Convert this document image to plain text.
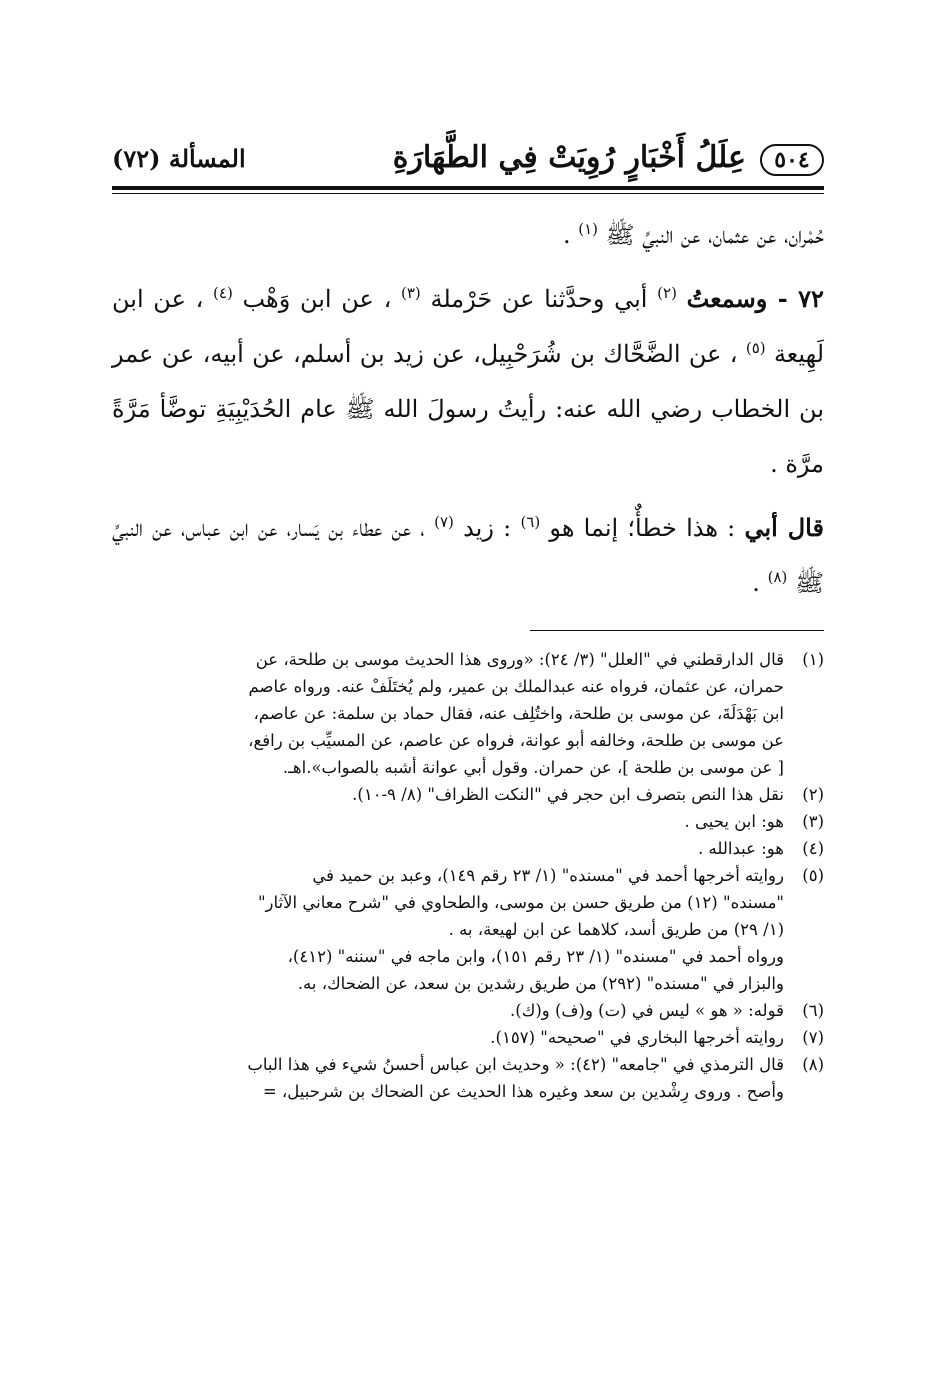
٥٠٤
عِلَلُ أَخْبَارٍ رُوِيَتْ فِي الطَّهَارَةِ
المسألة (٧٢)

حُمْران، عن عثمان، عن النبيِّ ﷺ $^{(١)}$ .

٧٢ - وسمعتُ $^{(٢)}$ أبي وحدَّثنا عن حَرْملة $^{(٣)}$ ، عن ابن وَهْب $^{(٤)}$ ، عن ابن لَهِيعة $^{(٥)}$ ، عن الضَّحَّاك بن شُرَحْبِيل، عن زيد بن أسلم، عن أبيه، عن عمر بن الخطاب رضي الله عنه: رأيتُ رسولَ الله ﷺ عام الحُدَيْبِيَةِ توضَّأ مَرَّةً مرَّة .

قال أبي : هذا خطأٌ؛ إنما هو $^{(٦)}$ : زيد $^{(٧)}$ ، عن عطاء بن يَسار، عن ابن عباس، عن النبيِّ ﷺ $^{(٨)}$ .

(١)
قال الدارقطني في "العلل" (٣/ ٢٤): «وروى هذا الحديث موسى بن طلحة، عن
حمران، عن عثمان، فرواه عنه عبدالملك بن عمير، ولم يُختَلَفْ عنه. ورواه عاصم
ابن بَهْدَلَةَ، عن موسى بن طلحة، واختُلِف عنه، فقال حماد بن سلمة: عن عاصم،
عن موسى بن طلحة، وخالفه أبو عوانة، فرواه عن عاصم، عن المسيِّب بن رافع،
[ عن موسى بن طلحة ]، عن حمران. وقول أبي عوانة أشبه بالصواب».اهـ.
(٢)
نقل هذا النص بتصرف ابن حجر في "النكت الظراف" (٨/ ٩-١٠).
(٣)
هو: ابن يحيى .
(٤)
هو: عبدالله .
(٥)
روايته أخرجها أحمد في "مسنده" (١/ ٢٣ رقم ١٤٩)، وعبد بن حميد في
"مسنده" (١٢) من طريق حسن بن موسى، والطحاوي في "شرح معاني الآثار"
(١/ ٢٩) من طريق أسد، كلاهما عن ابن لهيعة، به .
ورواه أحمد في "مسنده" (١/ ٢٣ رقم ١٥١)، وابن ماجه في "سننه" (٤١٢)،
والبزار في "مسنده" (٢٩٢) من طريق رشدين بن سعد، عن الضحاك، به.
(٦)
قوله: « هو » ليس في (ت) و(ف) و(ك).
(٧)
روايته أخرجها البخاري في "صحيحه" (١٥٧).
(٨)
قال الترمذي في "جامعه" (٤٢): « وحديث ابن عباس أحسنُ شيء في هذا الباب
وأصح . وروى رِشْدين بن سعد وغيره هذا الحديث عن الضحاك بن شرحبيل، =
